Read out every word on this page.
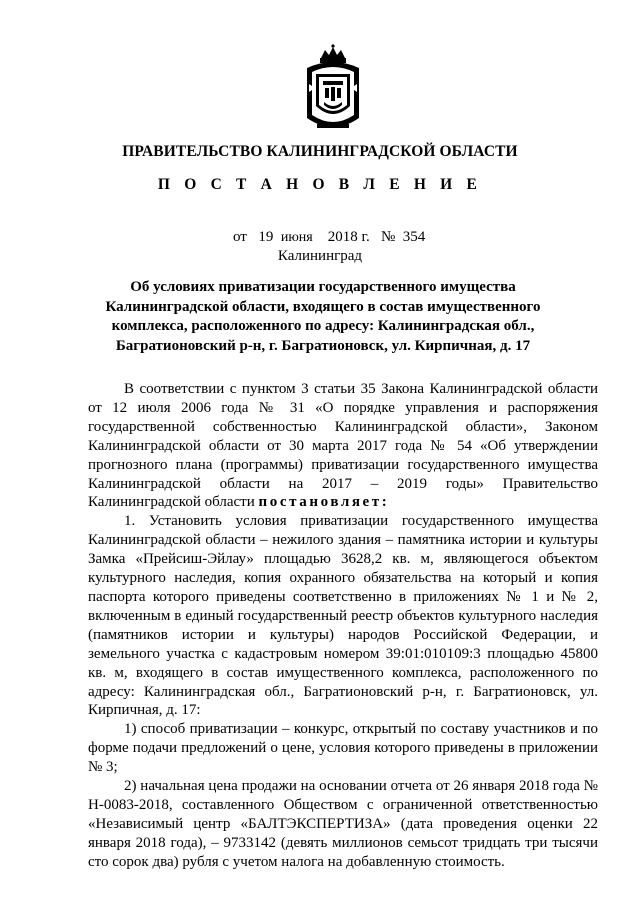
ПРАВИТЕЛЬСТВО КАЛИНИНГРАДСКОЙ ОБЛАСТИ
П О С Т А Н О В Л Е Н И Е
от 19 июня 2018 г. № 354
Калининград
Об условиях приватизации государственного имущества Калининградской области, входящего в состав имущественного комплекса, расположенного по адресу: Калининградская обл., Багратионовский р-н, г. Багратионовск, ул. Кирпичная, д. 17

В соответствии с пунктом 3 статьи 35 Закона Калининградской области от 12 июля 2006 года № 31 «О порядке управления и распоряжения государственной собственностью Калининградской области», Законом Калининградской области от 30 марта 2017 года № 54 «Об утверждении прогнозного плана (программы) приватизации государственного имущества Калининградской области на 2017 – 2019 годы» Правительство Калининградской области постановляет:

1. Установить условия приватизации государственного имущества Калининградской области – нежилого здания – памятника истории и культуры Замка «Прейсиш-Эйлау» площадью 3628,2 кв. м, являющегося объектом культурного наследия, копия охранного обязательства на который и копия паспорта которого приведены соответственно в приложениях № 1 и № 2, включенным в единый государственный реестр объектов культурного наследия (памятников истории и культуры) народов Российской Федерации, и земельного участка с кадастровым номером 39:01:010109:3 площадью 45800 кв. м, входящего в состав имущественного комплекса, расположенного по адресу: Калининградская обл., Багратионовский р-н, г. Багратионовск, ул. Кирпичная, д. 17:

1) способ приватизации – конкурс, открытый по составу участников и по форме подачи предложений о цене, условия которого приведены в приложении № 3;

2) начальная цена продажи на основании отчета от 26 января 2018 года № Н-0083-2018, составленного Обществом с ограниченной ответственностью «Независимый центр «БАЛТЭКСПЕРТИЗА» (дата проведения оценки 22 января 2018 года), – 9733142 (девять миллионов семьсот тридцать три тысячи сто сорок два) рубля с учетом налога на добавленную стоимость.
